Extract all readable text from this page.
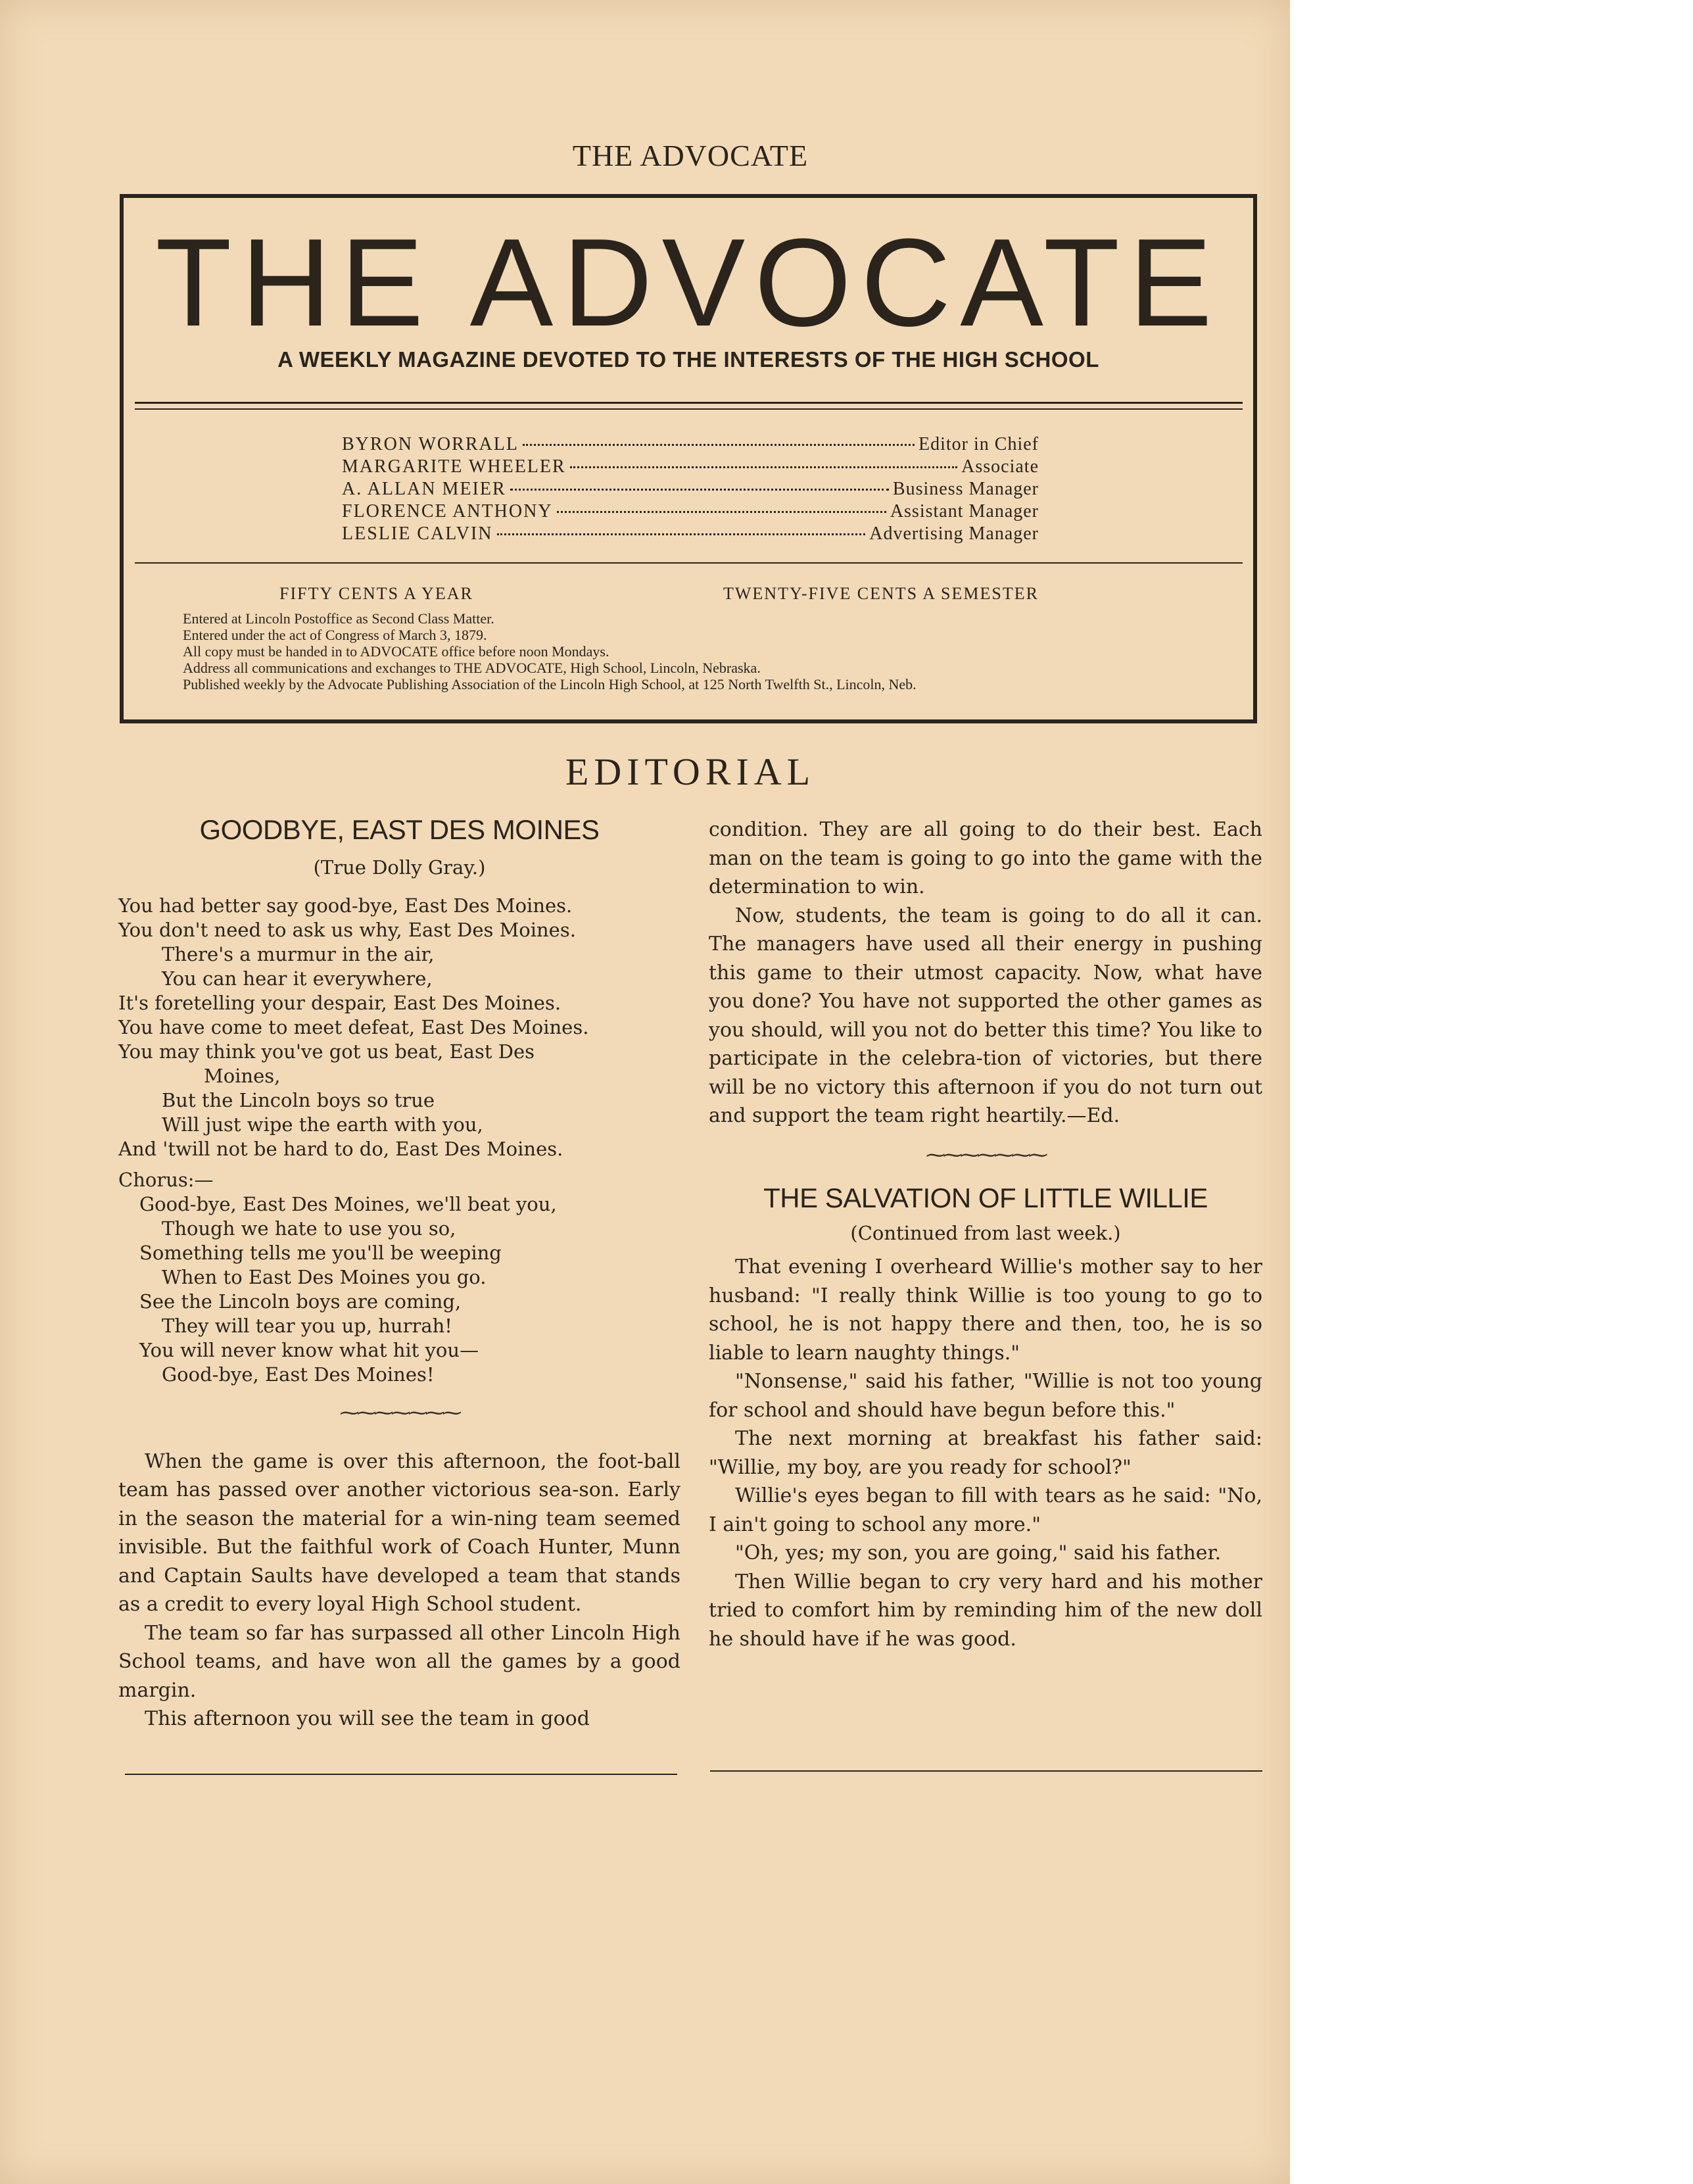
THE ADVOCATE
THE ADVOCATE
A WEEKLY MAGAZINE DEVOTED TO THE INTERESTS OF THE HIGH SCHOOL
BYRON WORRALL	Editor in Chief
MARGARITE WHEELER	Associate
A. ALLAN MEIER	Business Manager
FLORENCE ANTHONY	Assistant Manager
LESLIE CALVIN	Advertising Manager
FIFTY CENTS A YEAR	TWENTY-FIVE CENTS A SEMESTER
Entered at Lincoln Postoffice as Second Class Matter.
Entered under the act of Congress of March 3, 1879.
All copy must be handed in to ADVOCATE office before noon Mondays.
Address all communications and exchanges to THE ADVOCATE, High School, Lincoln, Nebraska.
Published weekly by the Advocate Publishing Association of the Lincoln High School, at 125 North Twelfth St., Lincoln, Neb.
EDITORIAL
GOODBYE, EAST DES MOINES
(True Dolly Gray.)
You had better say good-bye, East Des Moines.
You don't need to ask us why, East Des Moines.
There's a murmur in the air,
You can hear it everywhere,
It's foretelling your despair, East Des Moines.
You have come to meet defeat, East Des Moines.
You may think you've got us beat, East Des
Moines,
But the Lincoln boys so true
Will just wipe the earth with you,
And 'twill not be hard to do, East Des Moines.
Chorus:—
Good-bye, East Des Moines, we'll beat you,
Though we hate to use you so,
Something tells me you'll be weeping
When to East Des Moines you go.
See the Lincoln boys are coming,
They will tear you up, hurrah!
You will never know what hit you—
Good-bye, East Des Moines!
⁓⁓⁓⁓⁓⁓⁓

When the game is over this afternoon, the foot-ball team has passed over another victorious sea-son. Early in the season the material for a win-ning team seemed invisible. But the faithful work of Coach Hunter, Munn and Captain Saults have developed a team that stands as a credit to every loyal High School student.

The team so far has surpassed all other Lincoln High School teams, and have won all the games by a good margin.

This afternoon you will see the team in good

condition. They are all going to do their best. Each man on the team is going to go into the game with the determination to win.

Now, students, the team is going to do all it can. The managers have used all their energy in pushing this game to their utmost capacity. Now, what have you done? You have not supported the other games as you should, will you not do better this time? You like to participate in the celebra-tion of victories, but there will be no victory this afternoon if you do not turn out and support the team right heartily.—Ed.

⁓⁓⁓⁓⁓⁓⁓
THE SALVATION OF LITTLE WILLIE
(Continued from last week.)

That evening I overheard Willie's mother say to her husband: "I really think Willie is too young to go to school, he is not happy there and then, too, he is so liable to learn naughty things."

"Nonsense," said his father, "Willie is not too young for school and should have begun before this."

The next morning at breakfast his father said: "Willie, my boy, are you ready for school?"

Willie's eyes began to fill with tears as he said: "No, I ain't going to school any more."

"Oh, yes; my son, you are going," said his father.

Then Willie began to cry very hard and his mother tried to comfort him by reminding him of the new doll he should have if he was good.
